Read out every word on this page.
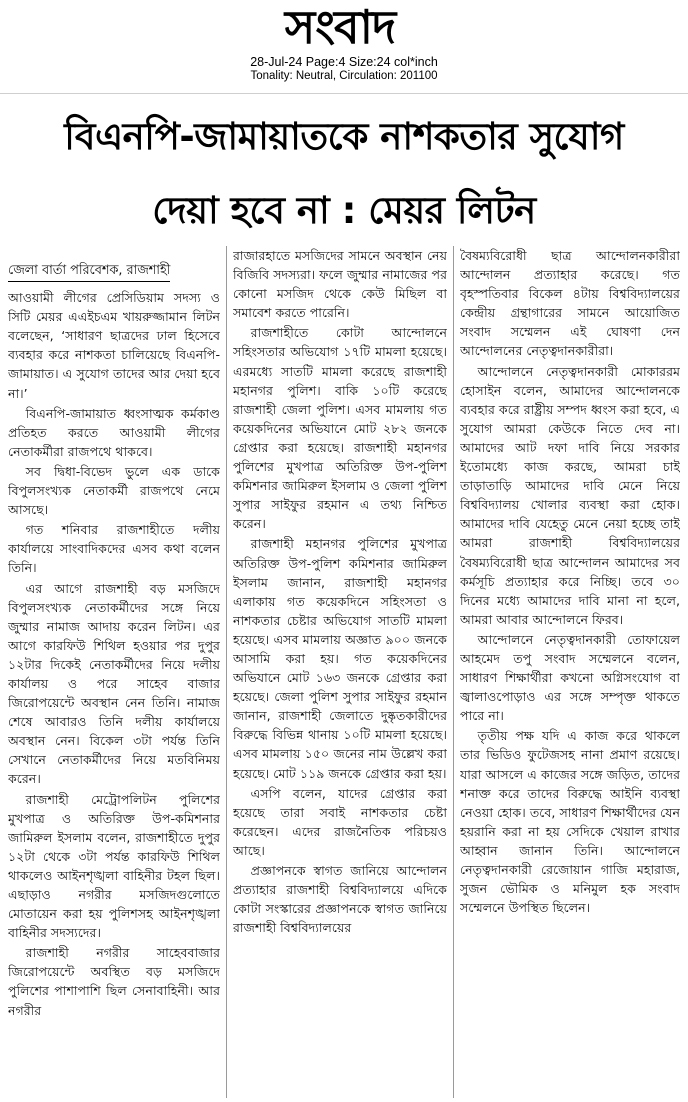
সংবাদ
28-Jul-24 Page:4 Size:24 col*inch
Tonality: Neutral, Circulation: 201100
বিএনপি-জামায়াতকে নাশকতার সুযোগ
দেয়া হবে না : মেয়র লিটন
জেলা বার্তা পরিবেশক, রাজশাহী

আওয়ামী লীগের প্রেসিডিয়াম সদস্য ও সিটি মেয়র এএইচএম খায়রুজ্জামান লিটন বলেছেন, ‘সাধারণ ছাত্রদের ঢাল হিসেবে ব্যবহার করে নাশকতা চালিয়েছে বিএনপি-জামায়াত। এ সুযোগ তাদের আর দেয়া হবে না।’

বিএনপি-জামায়াত ধ্বংসাত্মক কর্মকাণ্ড প্রতিহত করতে আওয়ামী লীগের নেতাকর্মীরা রাজপথে থাকবে।

সব দ্বিধা-বিভেদ ভুলে এক ডাকে বিপুলসংখ্যক নেতাকর্মী রাজপথে নেমে আসছে।

গত শনিবার রাজশাহীতে দলীয় কার্যালয়ে সাংবাদিকদের এসব কথা বলেন তিনি।

এর আগে রাজশাহী বড় মসজিদে বিপুলসংখ্যক নেতাকর্মীদের সঙ্গে নিয়ে জুম্মার নামাজ আদায় করেন লিটন। এর আগে কারফিউ শিথিল হওয়ার পর দুপুর ১২টার দিকেই নেতাকর্মীদের নিয়ে দলীয় কার্যালয় ও পরে সাহেব বাজার জিরোপয়েন্টে অবস্থান নেন তিনি। নামাজ শেষে আবারও তিনি দলীয় কার্যালয়ে অবস্থান নেন। বিকেল ৩টা পর্যন্ত তিনি সেখানে নেতাকর্মীদের নিয়ে মতবিনিময় করেন।

রাজশাহী মেট্রোপলিটন পুলিশের মুখপাত্র ও অতিরিক্ত উপ-কমিশনার জামিরুল ইসলাম বলেন, রাজশাহীতে দুপুর ১২টা থেকে ৩টা পর্যন্ত কারফিউ শিথিল থাকলেও আইনশৃঙ্খলা বাহিনীর টহল ছিল। এছাড়াও নগরীর মসজিদগুলোতে মোতায়েন করা হয় পুলিশসহ আইনশৃঙ্খলা বাহিনীর সদস্যদের।

রাজশাহী নগরীর সাহেববাজার জিরোপয়েন্টে অবস্থিত বড় মসজিদে পুলিশের পাশাপাশি ছিল সেনাবাহিনী। আর নগরীর

রাজারহাতে মসজিদের সামনে অবস্থান নেয় বিজিবি সদস্যরা। ফলে জুম্মার নামাজের পর কোনো মসজিদ থেকে কেউ মিছিল বা সমাবেশ করতে পারেনি।

রাজশাহীতে কোটা আন্দোলনে সহিংসতার অভিযোগ ১৭টি মামলা হয়েছে। এরমধ্যে সাতটি মামলা করেছে রাজশাহী মহানগর পুলিশ। বাকি ১০টি করেছে রাজশাহী জেলা পুলিশ। এসব মামলায় গত কয়েকদিনের অভিযানে মোট ২৮২ জনকে গ্রেপ্তার করা হয়েছে। রাজশাহী মহানগর পুলিশের মুখপাত্র অতিরিক্ত উপ-পুলিশ কমিশনার জামিরুল ইসলাম ও জেলা পুলিশ সুপার সাইফুর রহমান এ তথ্য নিশ্চিত করেন।

রাজশাহী মহানগর পুলিশের মুখপাত্র অতিরিক্ত উপ-পুলিশ কমিশনার জামিরুল ইসলাম জানান, রাজশাহী মহানগর এলাকায় গত কয়েকদিনে সহিংসতা ও নাশকতার চেষ্টার অভিযোগ সাতটি মামলা হয়েছে। এসব মামলায় অজ্ঞাত ৯০০ জনকে আসামি করা হয়। গত কয়েকদিনের অভিযানে মোট ১৬৩ জনকে গ্রেপ্তার করা হয়েছে। জেলা পুলিশ সুপার সাইফুর রহমান জানান, রাজশাহী জেলাতে দুষ্কৃতকারীদের বিরুদ্ধে বিভিন্ন থানায় ১০টি মামলা হয়েছে। এসব মামলায় ১৫০ জনের নাম উল্লেখ করা হয়েছে। মোট ১১৯ জনকে গ্রেপ্তার করা হয়।

এসপি বলেন, যাদের গ্রেপ্তার করা হয়েছে তারা সবাই নাশকতার চেষ্টা করেছেন। এদের রাজনৈতিক পরিচয়ও আছে।

প্রজ্ঞাপনকে স্বাগত জানিয়ে আন্দোলন প্রত্যাহার রাজশাহী বিশ্ববিদ্যালয়ে এদিকে কোটা সংস্কারের প্রজ্ঞাপনকে স্বাগত জানিয়ে রাজশাহী বিশ্ববিদ্যালয়ের

বৈষম্যবিরোধী ছাত্র আন্দোলনকারীরা আন্দোলন প্রত্যাহার করেছে। গত বৃহস্পতিবার বিকেল ৪টায় বিশ্ববিদ্যালয়ের কেন্দ্রীয় গ্রন্থাগারের সামনে আয়োজিত সংবাদ সম্মেলন এই ঘোষণা দেন আন্দোলনের নেতৃত্বদানকারীরা।

আন্দোলনে নেতৃত্বদানকারী মোকাররম হোসাইন বলেন, আমাদের আন্দোলনকে ব্যবহার করে রাষ্ট্রীয় সম্পদ ধ্বংস করা হবে, এ সুযোগ আমরা কেউকে নিতে দেব না। আমাদের আট দফা দাবি নিয়ে সরকার ইতোমধ্যে কাজ করছে, আমরা চাই তাড়াতাড়ি আমাদের দাবি মেনে নিয়ে বিশ্ববিদ্যালয় খোলার ব্যবস্থা করা হোক। আমাদের দাবি যেহেতু মেনে নেয়া হচ্ছে তাই আমরা রাজশাহী বিশ্ববিদ্যালয়ের বৈষম্যবিরোধী ছাত্র আন্দোলন আমাদের সব কর্মসূচি প্রত্যাহার করে নিচ্ছি। তবে ৩০ দিনের মধ্যে আমাদের দাবি মানা না হলে, আমরা আবার আন্দোলনে ফিরব।

আন্দোলনে নেতৃত্বদানকারী তোফায়েল আহমেদ তপু সংবাদ সম্মেলনে বলেন, সাধারণ শিক্ষার্থীরা কখনো অগ্নিসংযোগ বা জ্বালাওপোড়াও এর সঙ্গে সম্পৃক্ত থাকতে পারে না।

তৃতীয় পক্ষ যদি এ কাজ করে থাকলে তার ভিডিও ফুটেজসহ নানা প্রমাণ রয়েছে। যারা আসলে এ কাজের সঙ্গে জড়িত, তাদের শনাক্ত করে তাদের বিরুদ্ধে আইনি ব্যবস্থা নেওয়া হোক। তবে, সাধারণ শিক্ষার্থীদের যেন হয়রানি করা না হয় সেদিকে খেয়াল রাখার আহ্বান জানান তিনি। আন্দোলনে নেতৃত্বদানকারী রেজোয়ান গাজি মহারাজ, সুজন ভৌমিক ও মনিমুল হক সংবাদ সম্মেলনে উপস্থিত ছিলেন।
